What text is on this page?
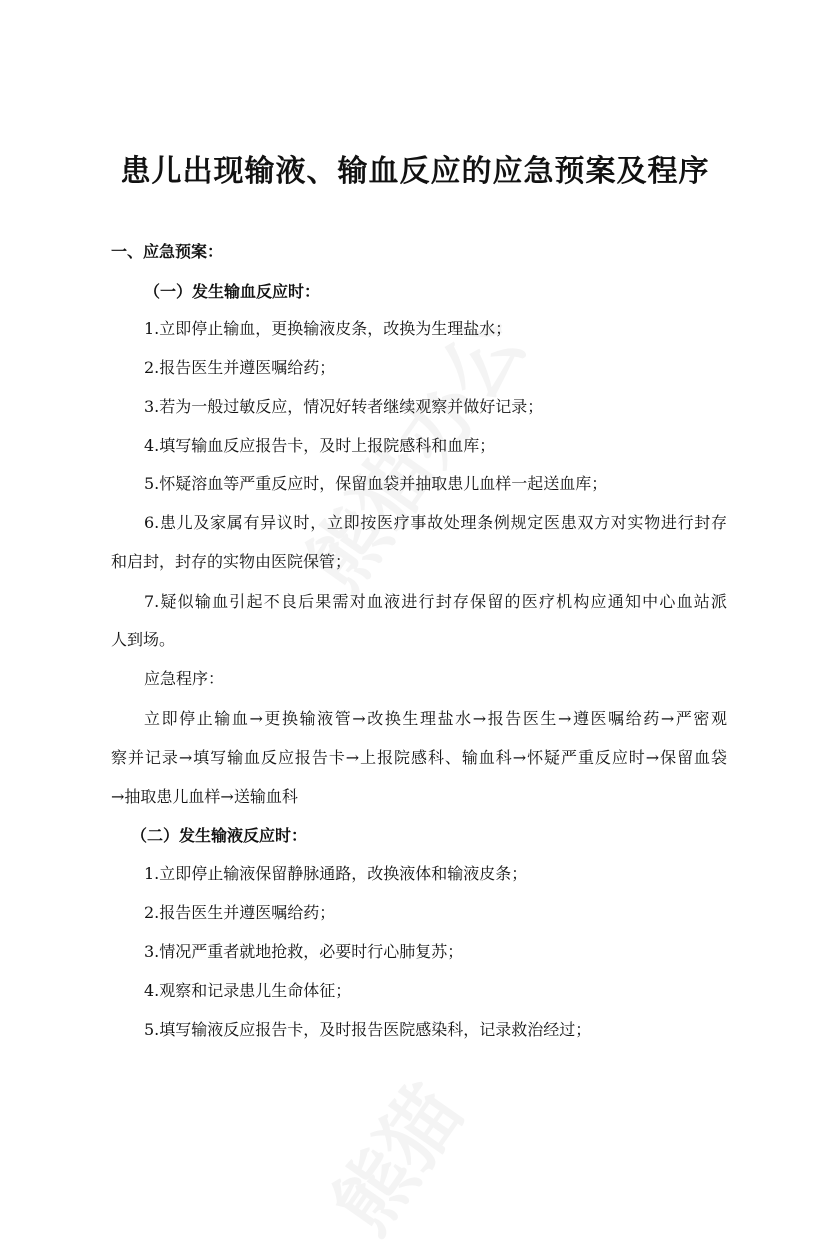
患儿出现输液、输血反应的应急预案及程序
一、应急预案：
（一）发生输血反应时：
1.立即停止输血，更换输液皮条，改换为生理盐水；
2.报告医生并遵医嘱给药；
3.若为一般过敏反应，情况好转者继续观察并做好记录；
4.填写输血反应报告卡，及时上报院感科和血库；
5.怀疑溶血等严重反应时，保留血袋并抽取患儿血样一起送血库；
6.患儿及家属有异议时，立即按医疗事故处理条例规定医患双方对实物进行封存
和启封，封存的实物由医院保管；
7.疑似输血引起不良后果需对血液进行封存保留的医疗机构应通知中心血站派
人到场。
应急程序：
立即停止输血→更换输液管→改换生理盐水→报告医生→遵医嘱给药→严密观
察并记录→填写输血反应报告卡→上报院感科、输血科→怀疑严重反应时→保留血袋
→抽取患儿血样→送输血科
（二）发生输液反应时：
1.立即停止输液保留静脉通路，改换液体和输液皮条；
2.报告医生并遵医嘱给药；
3.情况严重者就地抢救，必要时行心肺复苏；
4.观察和记录患儿生命体征；
5.填写输液反应报告卡，及时报告医院感染科，记录救治经过；
